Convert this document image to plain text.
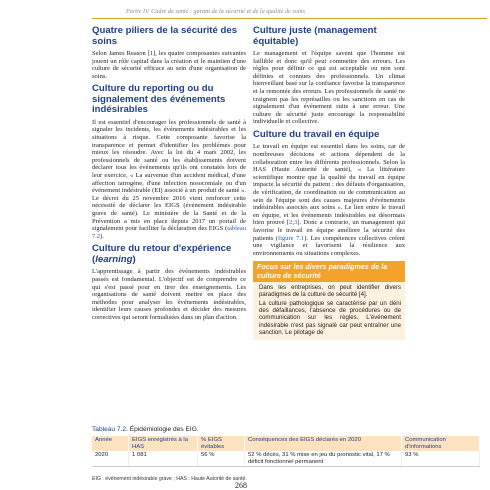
Partie IV. Cadre de santé : garant de la sécurité et de la qualité de soins
Quatre piliers de la sécurité des soins

Selon James Reason [1], les quatre composantes suivantes jouent un rôle capital dans la création et le maintien d'une culture de sécurité efficace au sein d'une organisation de soins.

Culture du reporting ou du signalement des événements indésirables

Il est essentiel d'encourager les professionnels de santé à signaler les incidents, les événements indésirables et les situations à risque. Cette composante favorise la transparence et permet d'identifier les problèmes pour mieux les résoudre. Avec la loi du 4 mars 2002, les professionnels de santé ou les établissements doivent déclarer tous les événements qu'ils ont constatés lors de leur exercice, « La survenue d'un accident médical, d'une affection iatrogène, d'une infection nosocomiale ou d'un événement indésirable (EI) associé à un produit de santé ». Le décret du 25 novembre 2016 vient renforcer cette nécessité de déclarer les EIGS (événement indésirable grave de santé). Le ministère de la Santé et de la Prévention a mis en place depuis 2017 un portail de signalement pour faciliter la déclaration des EIGS (tableau 7.2).

Culture du retour d'expérience (learning)

L'apprentissage à partir des événements indésirables passés est fondamental. L'objectif est de comprendre ce qui s'est passé pour en tirer des enseignements. Les organisations de santé doivent mettre en place des méthodes pour analyser les événements indésirables, identifier leurs causes profondes et décider des mesures correctives qui seront formalisées dans un plan d'action.

Culture juste (management équitable)

Le management et l'équipe savent que l'homme est faillible et donc qu'il peut commettre des erreurs. Les règles pour définir ce qui est acceptable ou non sont définies et connues des professionnels. Un climat bienveillant basé sur la confiance favorise la transparence et la remontée des erreurs. Les professionnels de santé ne craignent pas les représailles ou les sanctions en cas de signalement d'un événement suite à une erreur. Une culture de sécurité juste encourage la responsabilité individuelle et collective.

Culture du travail en équipe

Le travail en équipe est essentiel dans les soins, car de nombreuses décisions et actions dépendent de la collaboration entre les différents professionnels. Selon la HAS (Haute Autorité de santé), « La littérature scientifique montre que la qualité du travail en équipe impacte la sécurité du patient : des défauts d'organisation, de vérification, de coordination ou de communication au sein de l'équipe sont des causes majeures d'événements indésirables associés aux soins ». Le lien entre le travail en équipe, et les événements indésirables est désormais bien prouvé [2,3]. Donc a contrario, un management qui favorise le travail en équipe améliore la sécurité des patients (figure 7.1). Les compétences collectives créent une vigilance et favorisent la résilience aux environnements ou situations complexes.

Focus sur les divers paradigmes de la culture de sécurité

Dans les entreprises, on peut identifier divers paradigmes de la culture de sécurité [4].

La culture pathologique se caractérise par un déni des défaillances, l'absence de procédures ou de communication sur les règles. L'événement indésirable n'est pas signalé car peut entraîner une sanction. Le pilotage de

Tableau 7.2. Épidémiologie des EIG.
Année	EIGS enregistrés à la HAS	% EIGS évitables	Conséquences des EIGS déclarés en 2020	Communication d'informations
2020	1 081	56 %	52 % décès, 31 % mise en jeu du pronostic vital, 17 % déficit fonctionnel permanent	93 %
EIG : événement indésirable grave ; HAS : Haute Autorité de santé.
268
